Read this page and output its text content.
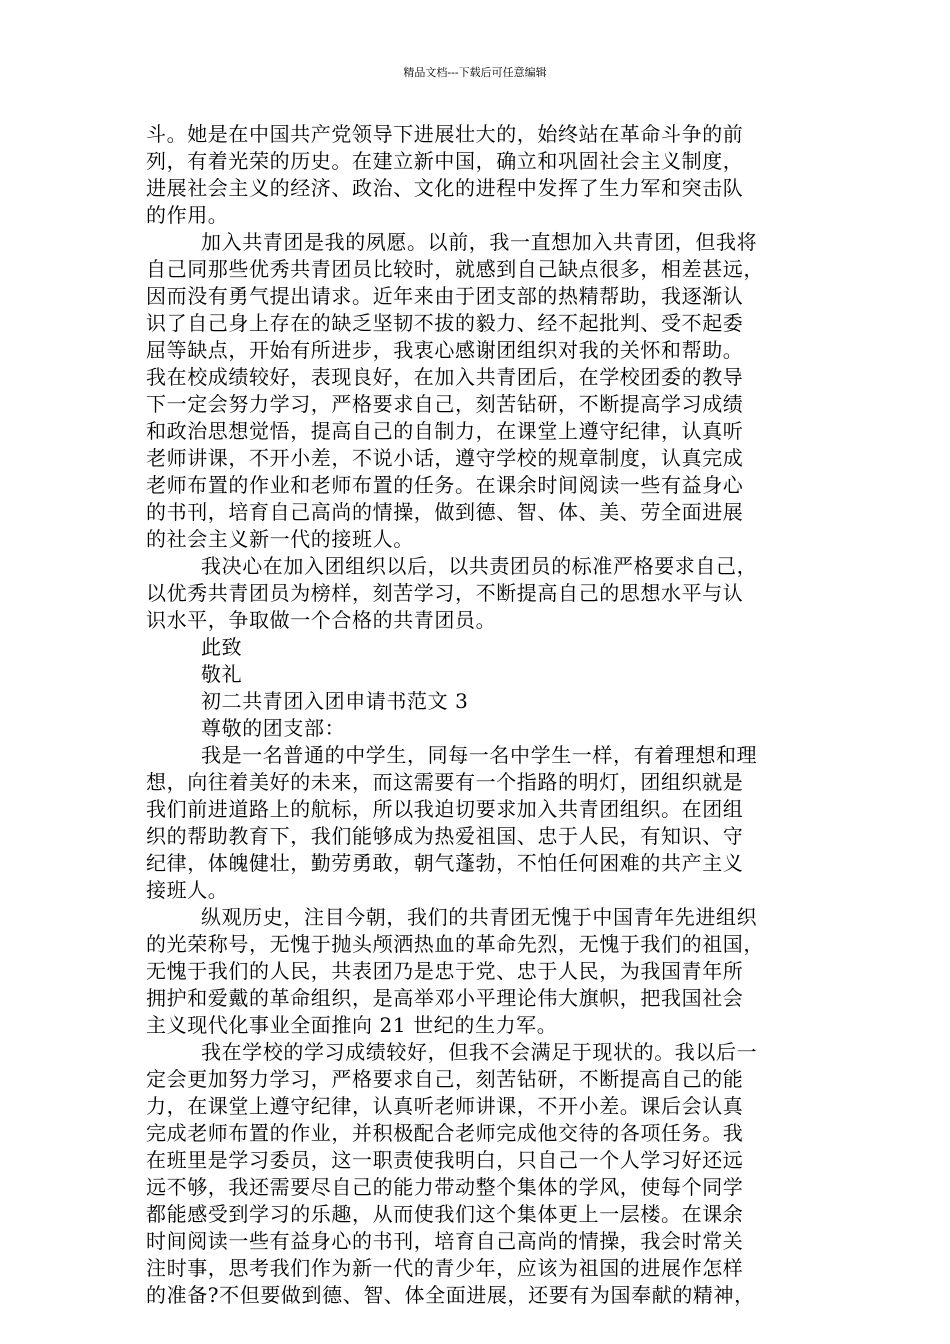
精品文档---下载后可任意编辑
斗。她是在中国共产党领导下进展壮大的，始终站在革命斗争的前
列，有着光荣的历史。在建立新中国，确立和巩固社会主义制度，
进展社会主义的经济、政治、文化的进程中发挥了生力军和突击队
的作用。
加入共青团是我的夙愿。以前，我一直想加入共青团，但我将
自己同那些优秀共青团员比较时，就感到自己缺点很多，相差甚远，
因而没有勇气提出请求。近年来由于团支部的热精帮助，我逐渐认
识了自己身上存在的缺乏坚韧不拔的毅力、经不起批判、受不起委
屈等缺点，开始有所进步，我衷心感谢团组织对我的关怀和帮助。
我在校成绩较好，表现良好，在加入共青团后，在学校团委的教导
下一定会努力学习，严格要求自己，刻苦钻研，不断提高学习成绩
和政治思想觉悟，提高自己的自制力，在课堂上遵守纪律，认真听
老师讲课，不开小差，不说小话，遵守学校的规章制度，认真完成
老师布置的作业和老师布置的任务。在课余时间阅读一些有益身心
的书刊，培育自己高尚的情操，做到德、智、体、美、劳全面进展
的社会主义新一代的接班人。
我决心在加入团组织以后，以共责团员的标准严格要求自己，
以优秀共青团员为榜样，刻苦学习，不断提高自己的思想水平与认
识水平，争取做一个合格的共青团员。
此致
敬礼
初二共青团入团申请书范文 3
尊敬的团支部：
我是一名普通的中学生，同每一名中学生一样，有着理想和理
想，向往着美好的未来，而这需要有一个指路的明灯，团组织就是
我们前进道路上的航标，所以我迫切要求加入共青团组织。在团组
织的帮助教育下，我们能够成为热爱祖国、忠于人民，有知识、守
纪律，体魄健壮，勤劳勇敢，朝气蓬勃，不怕任何困难的共产主义
接班人。
纵观历史，注目今朝，我们的共青团无愧于中国青年先进组织
的光荣称号，无愧于抛头颅洒热血的革命先烈，无愧于我们的祖国，
无愧于我们的人民，共表团乃是忠于党、忠于人民，为我国青年所
拥护和爱戴的革命组织，是高举邓小平理论伟大旗帜，把我国社会
主义现代化事业全面推向 21 世纪的生力军。
我在学校的学习成绩较好，但我不会满足于现状的。我以后一
定会更加努力学习，严格要求自己，刻苦钻研，不断提高自己的能
力，在课堂上遵守纪律，认真听老师讲课，不开小差。课后会认真
完成老师布置的作业，并积极配合老师完成他交待的各项任务。我
在班里是学习委员，这一职责使我明白，只自己一个人学习好还远
远不够，我还需要尽自己的能力带动整个集体的学风，使每个同学
都能感受到学习的乐趣，从而使我们这个集体更上一层楼。在课余
时间阅读一些有益身心的书刊，培育自己高尚的情操，我会时常关
注时事，思考我们作为新一代的青少年，应该为祖国的进展作怎样
的准备?不但要做到德、智、体全面进展，还要有为国奉献的精神，
